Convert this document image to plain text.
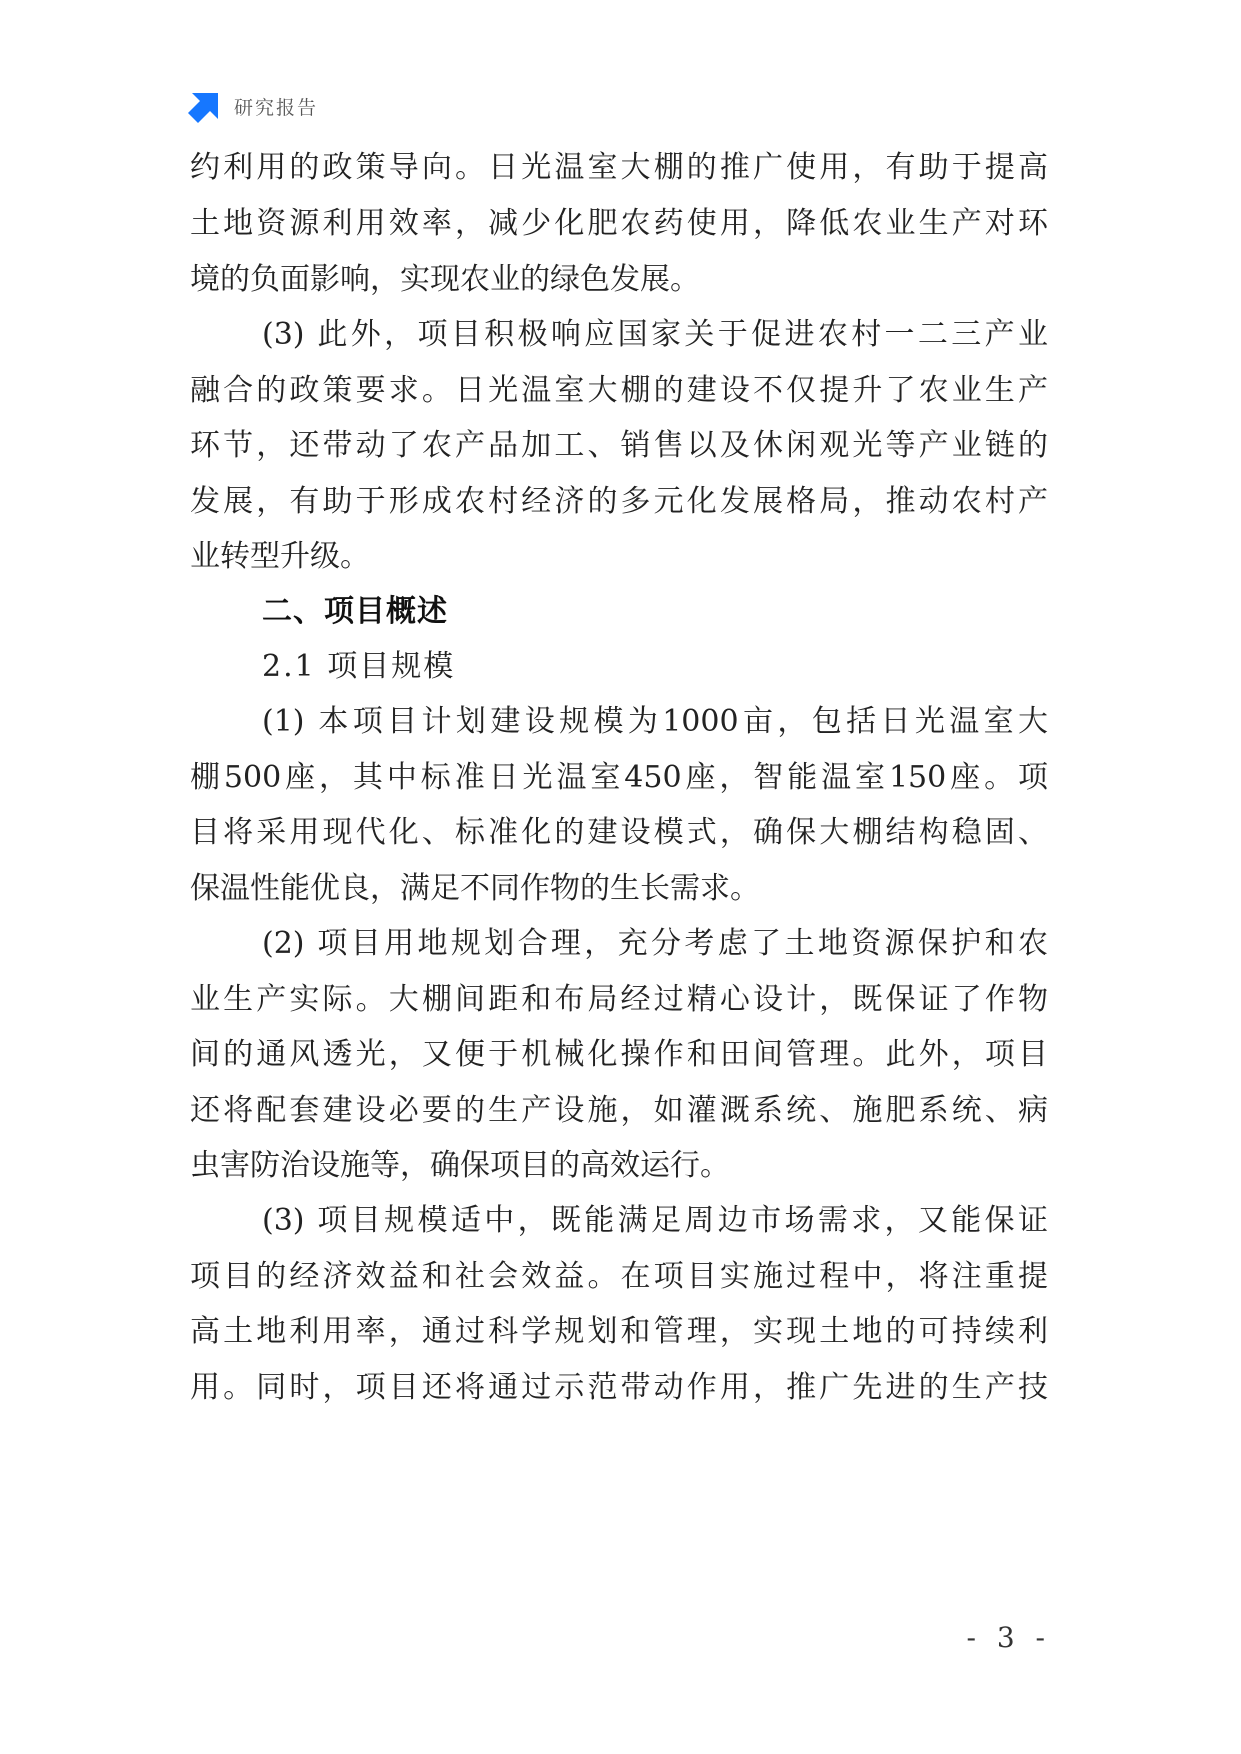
研究报告
约利用的政策导向。日光温室大棚的推广使用，有助于提高
土地资源利用效率，减少化肥农药使用，降低农业生产对环
境的负面影响，实现农业的绿色发展。
(3) 此外，项目积极响应国家关于促进农村一二三产业
融合的政策要求。日光温室大棚的建设不仅提升了农业生产
环节，还带动了农产品加工、销售以及休闲观光等产业链的
发展，有助于形成农村经济的多元化发展格局，推动农村产
业转型升级。
二、项目概述
2.1 项目规模
(1) 本项目计划建设规模为1000亩，包括日光温室大
棚500座，其中标准日光温室450座，智能温室150座。项
目将采用现代化、标准化的建设模式，确保大棚结构稳固、
保温性能优良，满足不同作物的生长需求。
(2) 项目用地规划合理，充分考虑了土地资源保护和农
业生产实际。大棚间距和布局经过精心设计，既保证了作物
间的通风透光，又便于机械化操作和田间管理。此外，项目
还将配套建设必要的生产设施，如灌溉系统、施肥系统、病
虫害防治设施等，确保项目的高效运行。
(3) 项目规模适中，既能满足周边市场需求，又能保证
项目的经济效益和社会效益。在项目实施过程中，将注重提
高土地利用率，通过科学规划和管理，实现土地的可持续利
用。同时，项目还将通过示范带动作用，推广先进的生产技
- 3 -
